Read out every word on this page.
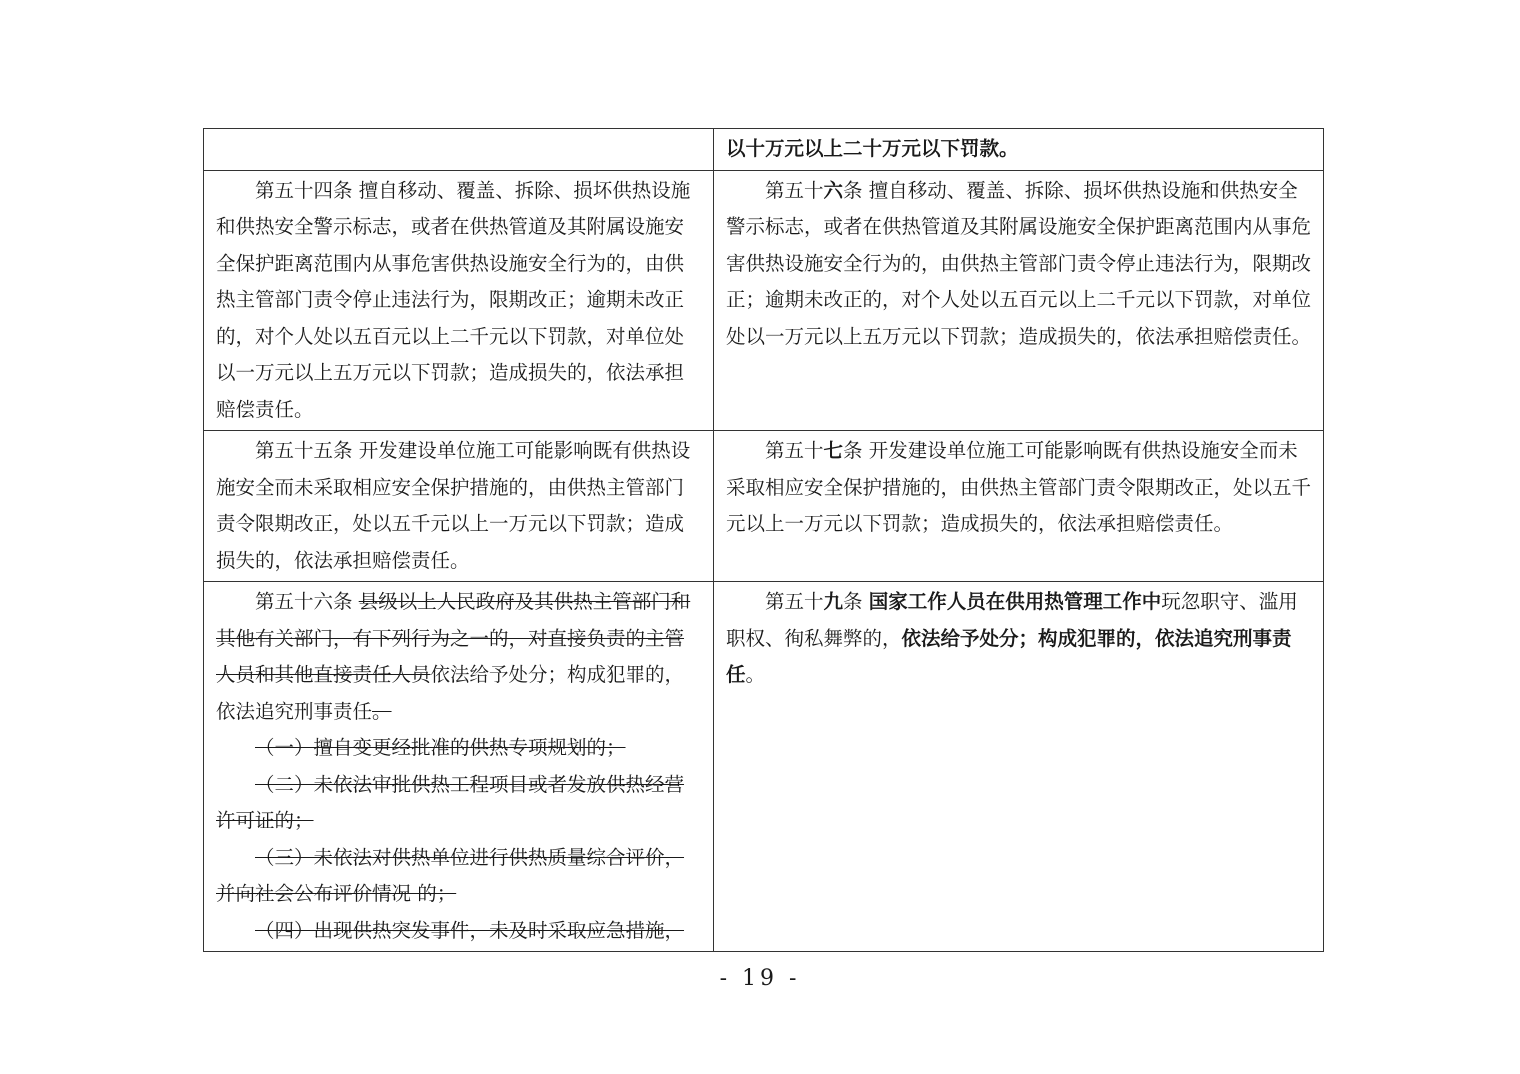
	以十万元以上二十万元以下罚款。

第五十四条 擅自移动、覆盖、拆除、损坏供热设施和供热安全警示标志，或者在供热管道及其附属设施安全保护距离范围内从事危害供热设施安全行为的，由供热主管部门责令停止违法行为，限期改正；逾期未改正的，对个人处以五百元以上二千元以下罚款，对单位处以一万元以上五万元以下罚款；造成损失的，依法承担赔偿责任。	第五十六条 擅自移动、覆盖、拆除、损坏供热设施和供热安全警示标志，或者在供热管道及其附属设施安全保护距离范围内从事危害供热设施安全行为的，由供热主管部门责令停止违法行为，限期改正；逾期未改正的，对个人处以五百元以上二千元以下罚款，对单位处以一万元以上五万元以下罚款；造成损失的，依法承担赔偿责任。

第五十五条 开发建设单位施工可能影响既有供热设施安全而未采取相应安全保护措施的，由供热主管部门责令限期改正，处以五千元以上一万元以下罚款；造成损失的，依法承担赔偿责任。	第五十七条 开发建设单位施工可能影响既有供热设施安全而未采取相应安全保护措施的，由供热主管部门责令限期改正，处以五千元以上一万元以下罚款；造成损失的，依法承担赔偿责任。

第五十六条 县级以上人民政府及其供热主管部门和其他有关部门，有下列行为之一的，对直接负责的主管人员和其他直接责任人员依法给予处分；构成犯罪的，依法追究刑事责任。

（一）擅自变更经批准的供热专项规划的；

（二）未依法审批供热工程项目或者发放供热经营许可证的；

（三）未依法对供热单位进行供热质量综合评价，并向社会公布评价情况 的；

（四）出现供热突发事件，未及时采取应急措施，	第五十九条 国家工作人员在供用热管理工作中玩忽职守、滥用职权、徇私舞弊的，依法给予处分；构成犯罪的，依法追究刑事责任。

- 19 -
